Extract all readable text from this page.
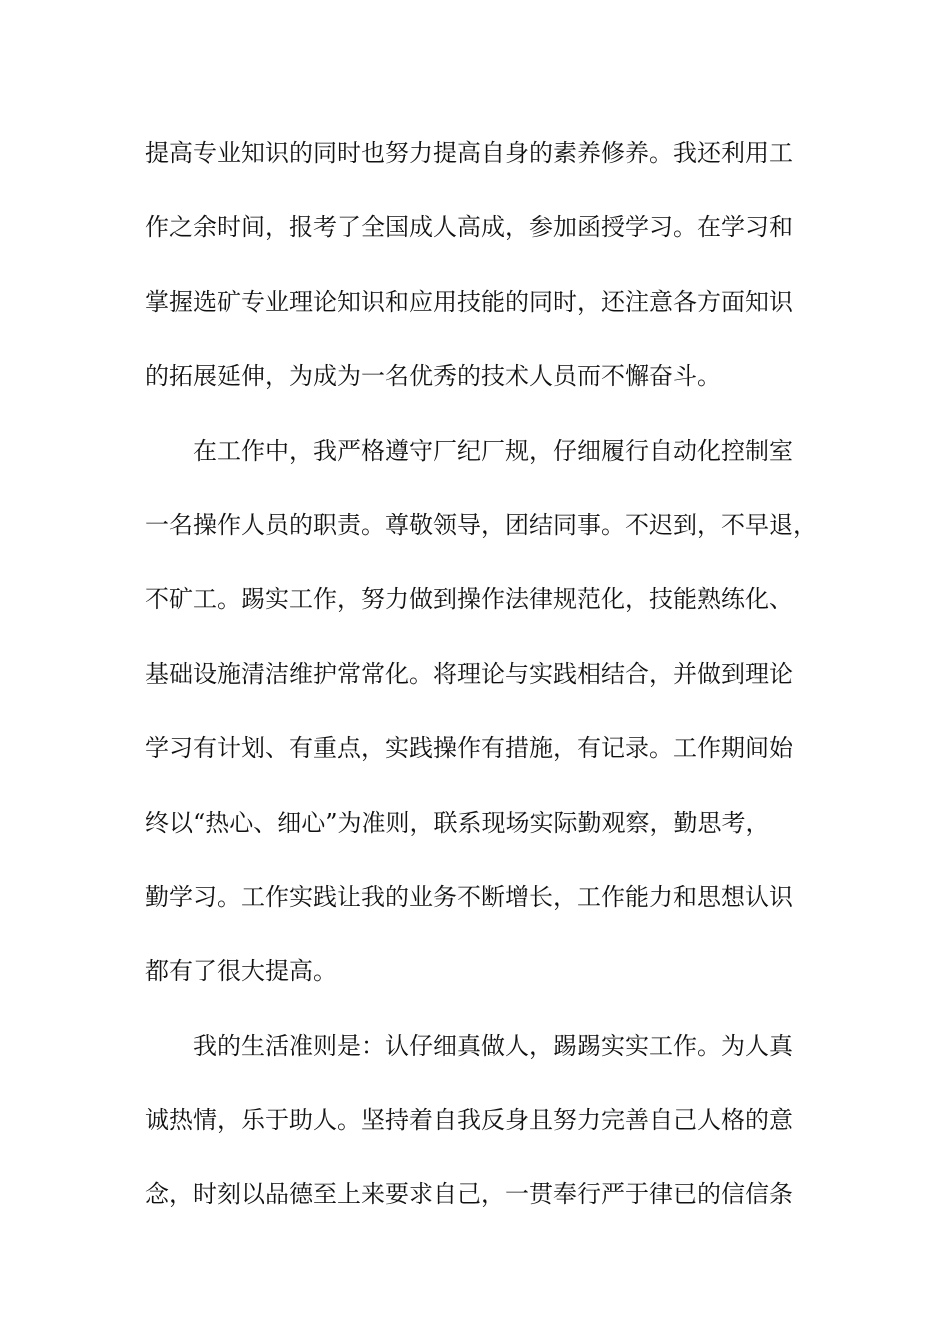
提高专业知识的同时也努力提高自身的素养修养。我还利用工
作之余时间，报考了全国成人高成，参加函授学习。在学习和
掌握选矿专业理论知识和应用技能的同时，还注意各方面知识
的拓展延伸，为成为一名优秀的技术人员而不懈奋斗。
在工作中，我严格遵守厂纪厂规，仔细履行自动化控制室
一名操作人员的职责。尊敬领导，团结同事。不迟到，不早退，
不矿工。踢实工作，努力做到操作法律规范化，技能熟练化、
基础设施清洁维护常常化。将理论与实践相结合，并做到理论
学习有计划、有重点，实践操作有措施，有记录。工作期间始
终以“热心、细心”为准则，联系现场实际勤观察，勤思考，
勤学习。工作实践让我的业务不断增长，工作能力和思想认识
都有了很大提高。
我的生活准则是：认仔细真做人，踢踢实实工作。为人真
诚热情，乐于助人。坚持着自我反身且努力完善自己人格的意
念，时刻以品德至上来要求自己，一贯奉行严于律已的信信条
